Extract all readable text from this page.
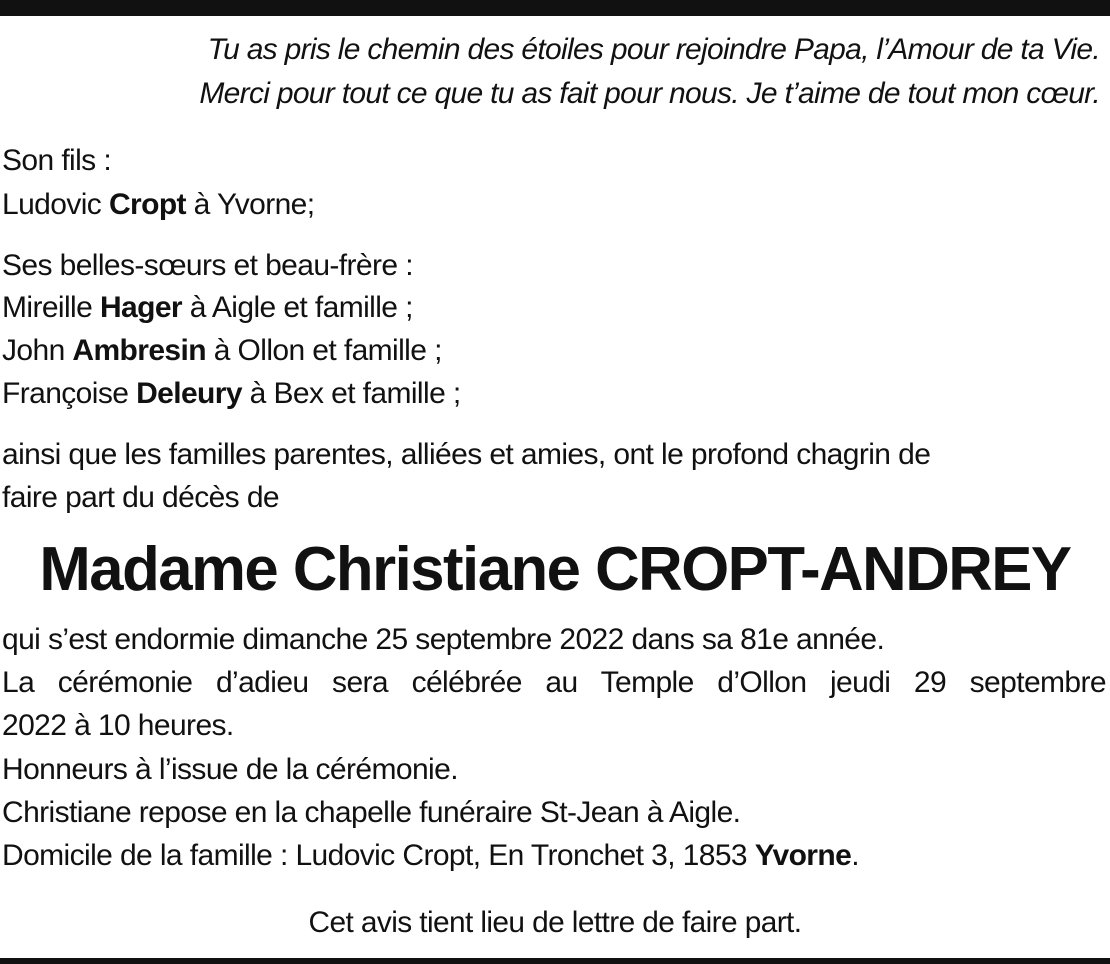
Tu as pris le chemin des étoiles pour rejoindre Papa, l’Amour de ta Vie.
Merci pour tout ce que tu as fait pour nous. Je t’aime de tout mon cœur.
Son fils :
Ludovic Cropt à Yvorne;
Ses belles-sœurs et beau-frère :
Mireille Hager à Aigle et famille ;
John Ambresin à Ollon et famille ;
Françoise Deleury à Bex et famille ;
ainsi que les familles parentes, alliées et amies, ont le profond chagrin de
faire part du décès de
Madame Christiane CROPT-ANDREY
qui s’est endormie dimanche 25 septembre 2022 dans sa 81e année.
La cérémonie d’adieu sera célébrée au Temple d’Ollon jeudi 29 septembre
2022 à 10 heures.
Honneurs à l’issue de la cérémonie.
Christiane repose en la chapelle funéraire St-Jean à Aigle.
Domicile de la famille : Ludovic Cropt, En Tronchet 3, 1853 Yvorne.
Cet avis tient lieu de lettre de faire part.
